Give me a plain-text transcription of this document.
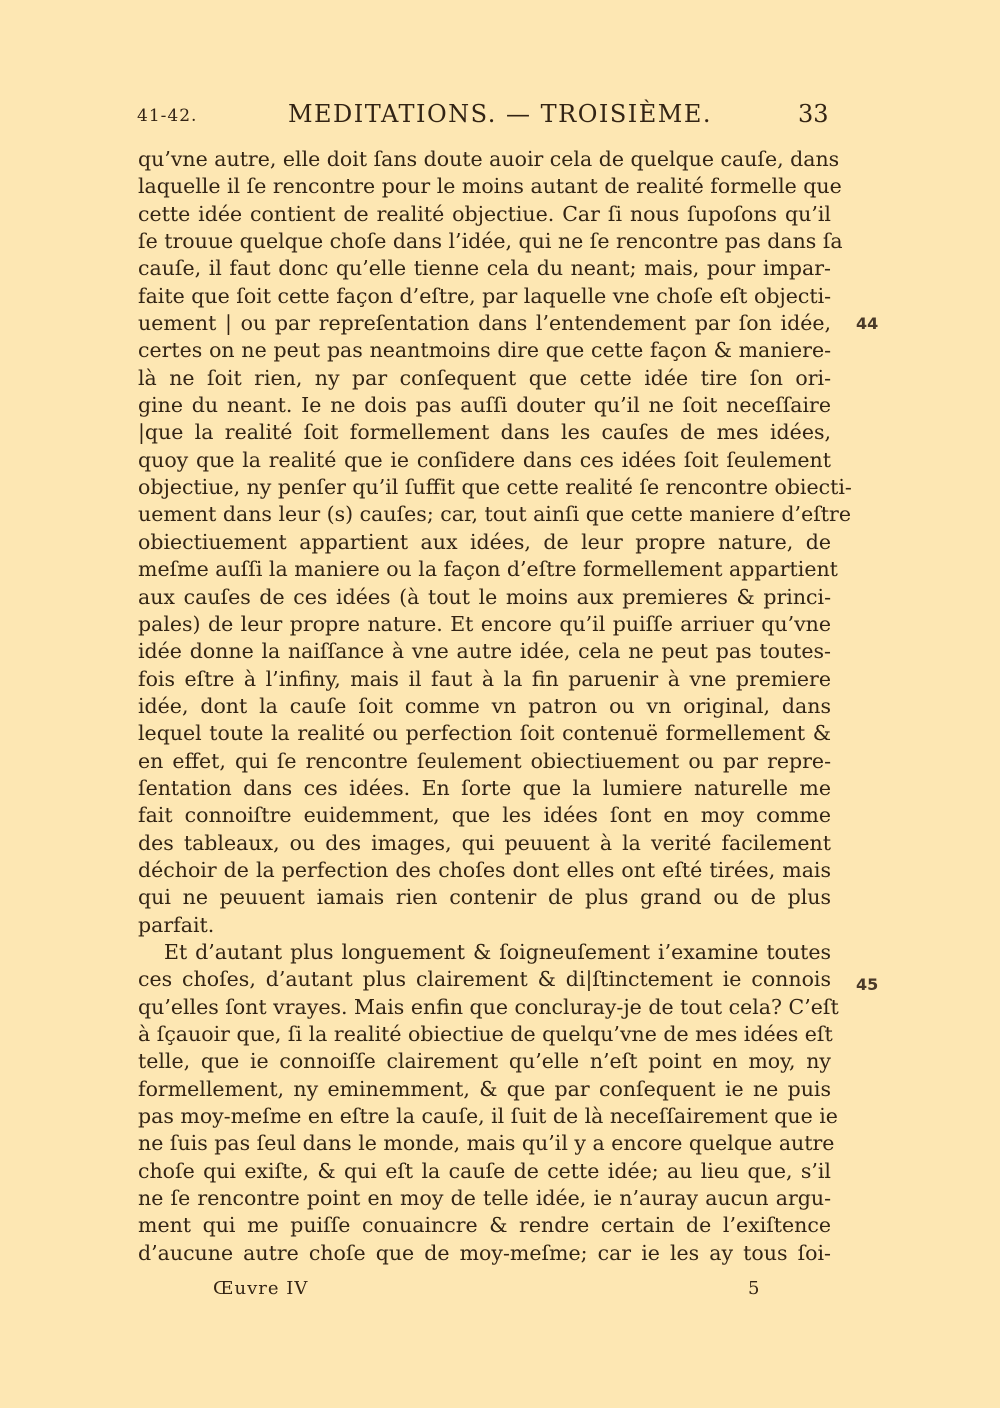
41-42.	MEDITATIONS. — TROISIÈME.	33
qu’vne autre, elle doit ſans doute auoir cela de quelque cauſe, dans
laquelle il ſe rencontre pour le moins autant de realité formelle que
cette idée contient de realité objectiue. Car ſi nous ſupoſons qu’il
ſe trouue quelque choſe dans l’idée, qui ne ſe rencontre pas dans ſa
cauſe, il faut donc qu’elle tienne cela du neant; mais, pour impar-
faite que ſoit cette façon d’eſtre, par laquelle vne choſe eſt objecti-
uement | ou par repreſentation dans l’entendement par ſon idée,
certes on ne peut pas neantmoins dire que cette façon & maniere-
là ne ſoit rien, ny par conſequent que cette idée tire ſon ori-
gine du neant. Ie ne dois pas auſſi douter qu’il ne ſoit neceſſaire
|que la realité ſoit formellement dans les cauſes de mes idées,
quoy que la realité que ie conſidere dans ces idées ſoit ſeulement
objectiue, ny penſer qu’il ſuffit que cette realité ſe rencontre obiecti-
uement dans leur (s) cauſes; car, tout ainſi que cette maniere d’eſtre
obiectiuement appartient aux idées, de leur propre nature, de
meſme auſſi la maniere ou la façon d’eſtre formellement appartient
aux cauſes de ces idées (à tout le moins aux premieres & princi-
pales) de leur propre nature. Et encore qu’il puiſſe arriuer qu’vne
idée donne la naiſſance à vne autre idée, cela ne peut pas toutes-
fois eſtre à l’infiny, mais il faut à la fin paruenir à vne premiere
idée, dont la cauſe ſoit comme vn patron ou vn original, dans
lequel toute la realité ou perfection ſoit contenuë formellement &
en effet, qui ſe rencontre ſeulement obiectiuement ou par repre-
ſentation dans ces idées. En ſorte que la lumiere naturelle me
fait connoiſtre euidemment, que les idées ſont en moy comme
des tableaux, ou des images, qui peuuent à la verité facilement
déchoir de la perfection des choſes dont elles ont eſté tirées, mais
qui ne peuuent iamais rien contenir de plus grand ou de plus
parfait.
Et d’autant plus longuement & ſoigneuſement i’examine toutes
ces choſes, d’autant plus clairement & di|ſtinctement ie connois
qu’elles ſont vrayes. Mais enfin que concluray-je de tout cela? C’eſt
à ſçauoir que, ſi la realité obiectiue de quelqu’vne de mes idées eſt
telle, que ie connoiſſe clairement qu’elle n’eſt point en moy, ny
formellement, ny eminemment, & que par conſequent ie ne puis
pas moy-meſme en eſtre la cauſe, il ſuit de là neceſſairement que ie
ne ſuis pas ſeul dans le monde, mais qu’il y a encore quelque autre
choſe qui exiſte, & qui eſt la cauſe de cette idée; au lieu que, s’il
ne ſe rencontre point en moy de telle idée, ie n’auray aucun argu-
ment qui me puiſſe conuaincre & rendre certain de l’exiſtence
d’aucune autre choſe que de moy-meſme; car ie les ay tous ſoi-
44
45
Œuvre IV	5
